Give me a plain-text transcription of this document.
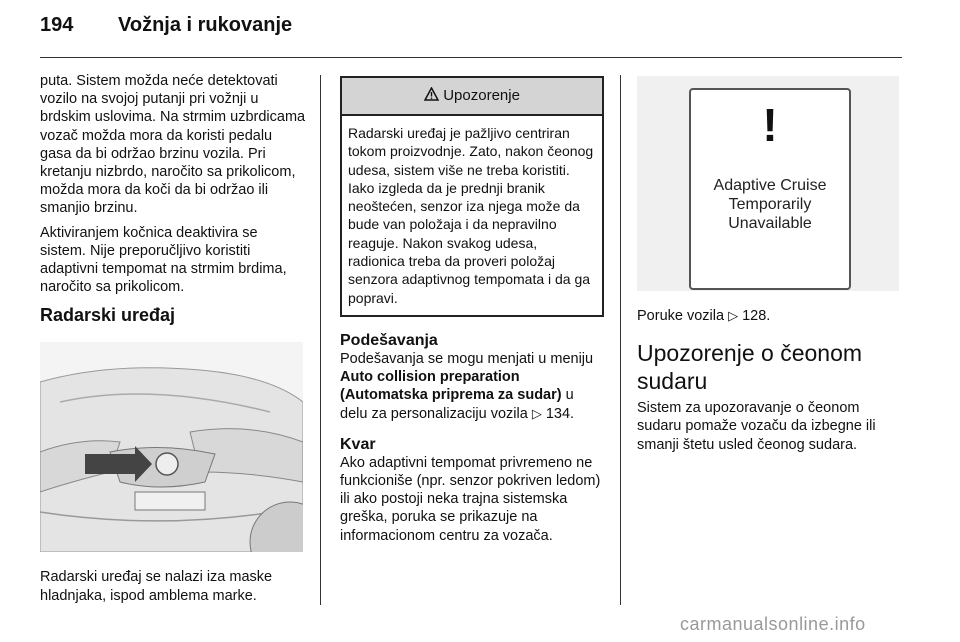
194 Vožnja i rukovanje

puta. Sistem možda neće detektovati vozilo na svojoj putanji pri vožnji u brdskim uslovima. Na strmim uzbrdicama vozač možda mora da koristi pedalu gasa da bi održao brzinu vozila. Pri kretanju nizbrdo, naročito sa prikolicom, možda mora da koči da bi održao ili smanjio brzinu.

Aktiviranjem kočnica deaktivira se sistem. Nije preporučljivo koristiti adaptivni tempomat na strmim brdima, naročito sa prikolicom.

Radarski uređaj

Radarski uređaj se nalazi iza maske hladnjaka, ispod amblema marke.

Upozorenje
Radarski uređaj je pažljivo centriran tokom proizvodnje. Zato, nakon čeonog udesa, sistem više ne treba koristiti. Iako izgleda da je prednji branik neoštećen, senzor iza njega može da bude van položaja i da nepravilno reaguje. Nakon svakog udesa, radionica treba da proveri položaj senzora adaptivnog tempomata i da ga popravi.
Podešavanja

Podešavanja se mogu menjati u meniju Auto collision preparation (Automatska priprema za sudar) u delu za personalizaciju vozila ▷ 134.

Kvar

Ako adaptivni tempomat privremeno ne funkcioniše (npr. senzor pokriven ledom) ili ako postoji neka trajna sistemska greška, poruka se prikazuje na informacionom centru za vozača.

!
Adaptive Cruise
Temporarily
Unavailable

Poruke vozila ▷ 128.

Upozorenje o čeonom sudaru

Sistem za upozoravanje o čeonom sudaru pomaže vozaču da izbegne ili smanji štetu usled čeonog sudara.

carmanualsonline.info
